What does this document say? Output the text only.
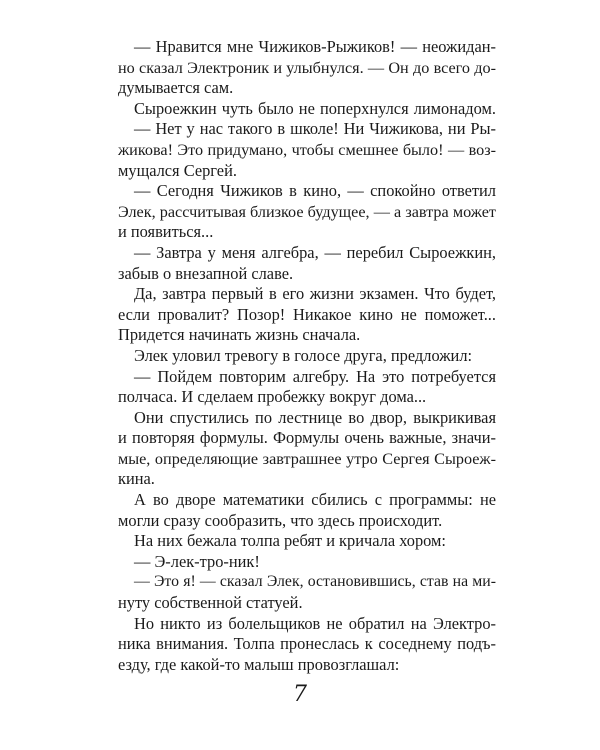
— Нравится мне Чижиков-Рыжиков! — неожидан-
но сказал Электроник и улыбнулся. — Он до всего до-
думывается сам.
Сыроежкин чуть было не поперхнулся лимонадом.
— Нет у нас такого в школе! Ни Чижикова, ни Ры-
жикова! Это придумано, чтобы смешнее было! — воз-
мущался Сергей.
— Сегодня Чижиков в кино, — спокойно ответил
Элек, рассчитывая близкое будущее, — а завтра может
и появиться...
— Завтра у меня алгебра, — перебил Сыроежкин,
забыв о внезапной славе.
Да, завтра первый в его жизни экзамен. Что будет,
если провалит? Позор! Никакое кино не поможет...
Придется начинать жизнь сначала.
Элек уловил тревогу в голосе друга, предложил:
— Пойдем повторим алгебру. На это потребуется
полчаса. И сделаем пробежку вокруг дома...
Они спустились по лестнице во двор, выкрикивая
и повторяя формулы. Формулы очень важные, значи-
мые, определяющие завтрашнее утро Сергея Сыроеж-
кина.
А во дворе математики сбились с программы: не
могли сразу сообразить, что здесь происходит.
На них бежала толпа ребят и кричала хором:
— Э-лек-тро-ник!
— Это я! — сказал Элек, остановившись, став на ми-
нуту собственной статуей.
Но никто из болельщиков не обратил на Электро-
ника внимания. Толпа пронеслась к соседнему подъ-
езду, где какой-то малыш провозглашал:
7
